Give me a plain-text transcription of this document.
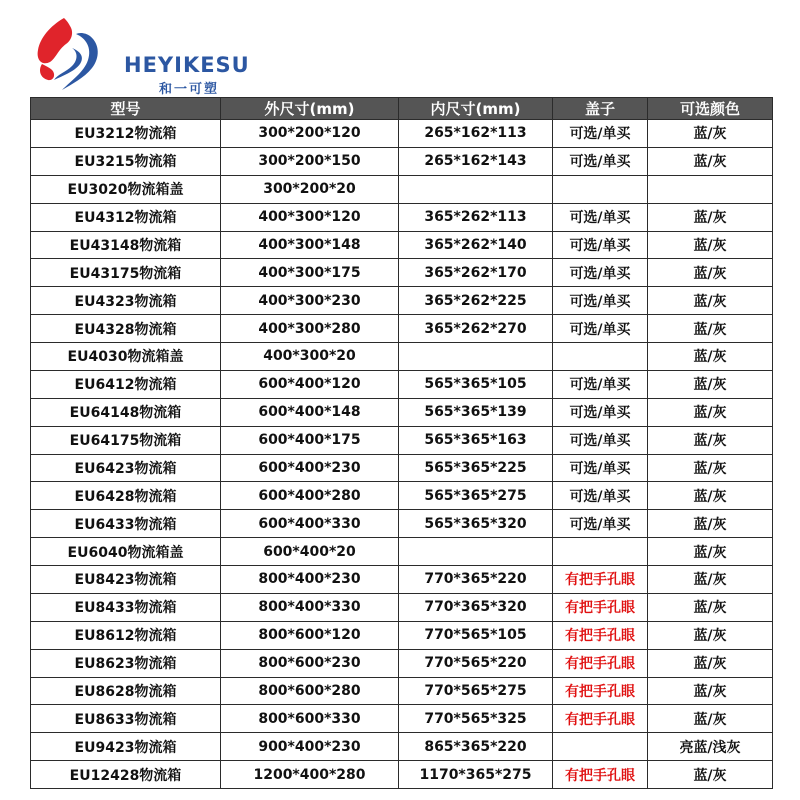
HEYIKESU
和一可塑
型号	外尺寸(mm)	内尺寸(mm)	盖子	可选颜色
EU3212物流箱	300*200*120	265*162*113	可选/单买	蓝/灰
EU3215物流箱	300*200*150	265*162*143	可选/单买	蓝/灰
EU3020物流箱盖	300*200*20			
EU4312物流箱	400*300*120	365*262*113	可选/单买	蓝/灰
EU43148物流箱	400*300*148	365*262*140	可选/单买	蓝/灰
EU43175物流箱	400*300*175	365*262*170	可选/单买	蓝/灰
EU4323物流箱	400*300*230	365*262*225	可选/单买	蓝/灰
EU4328物流箱	400*300*280	365*262*270	可选/单买	蓝/灰
EU4030物流箱盖	400*300*20			蓝/灰
EU6412物流箱	600*400*120	565*365*105	可选/单买	蓝/灰
EU64148物流箱	600*400*148	565*365*139	可选/单买	蓝/灰
EU64175物流箱	600*400*175	565*365*163	可选/单买	蓝/灰
EU6423物流箱	600*400*230	565*365*225	可选/单买	蓝/灰
EU6428物流箱	600*400*280	565*365*275	可选/单买	蓝/灰
EU6433物流箱	600*400*330	565*365*320	可选/单买	蓝/灰
EU6040物流箱盖	600*400*20			蓝/灰
EU8423物流箱	800*400*230	770*365*220	有把手孔眼	蓝/灰
EU8433物流箱	800*400*330	770*365*320	有把手孔眼	蓝/灰
EU8612物流箱	800*600*120	770*565*105	有把手孔眼	蓝/灰
EU8623物流箱	800*600*230	770*565*220	有把手孔眼	蓝/灰
EU8628物流箱	800*600*280	770*565*275	有把手孔眼	蓝/灰
EU8633物流箱	800*600*330	770*565*325	有把手孔眼	蓝/灰
EU9423物流箱	900*400*230	865*365*220		亮蓝/浅灰
EU12428物流箱	1200*400*280	1170*365*275	有把手孔眼	蓝/灰
